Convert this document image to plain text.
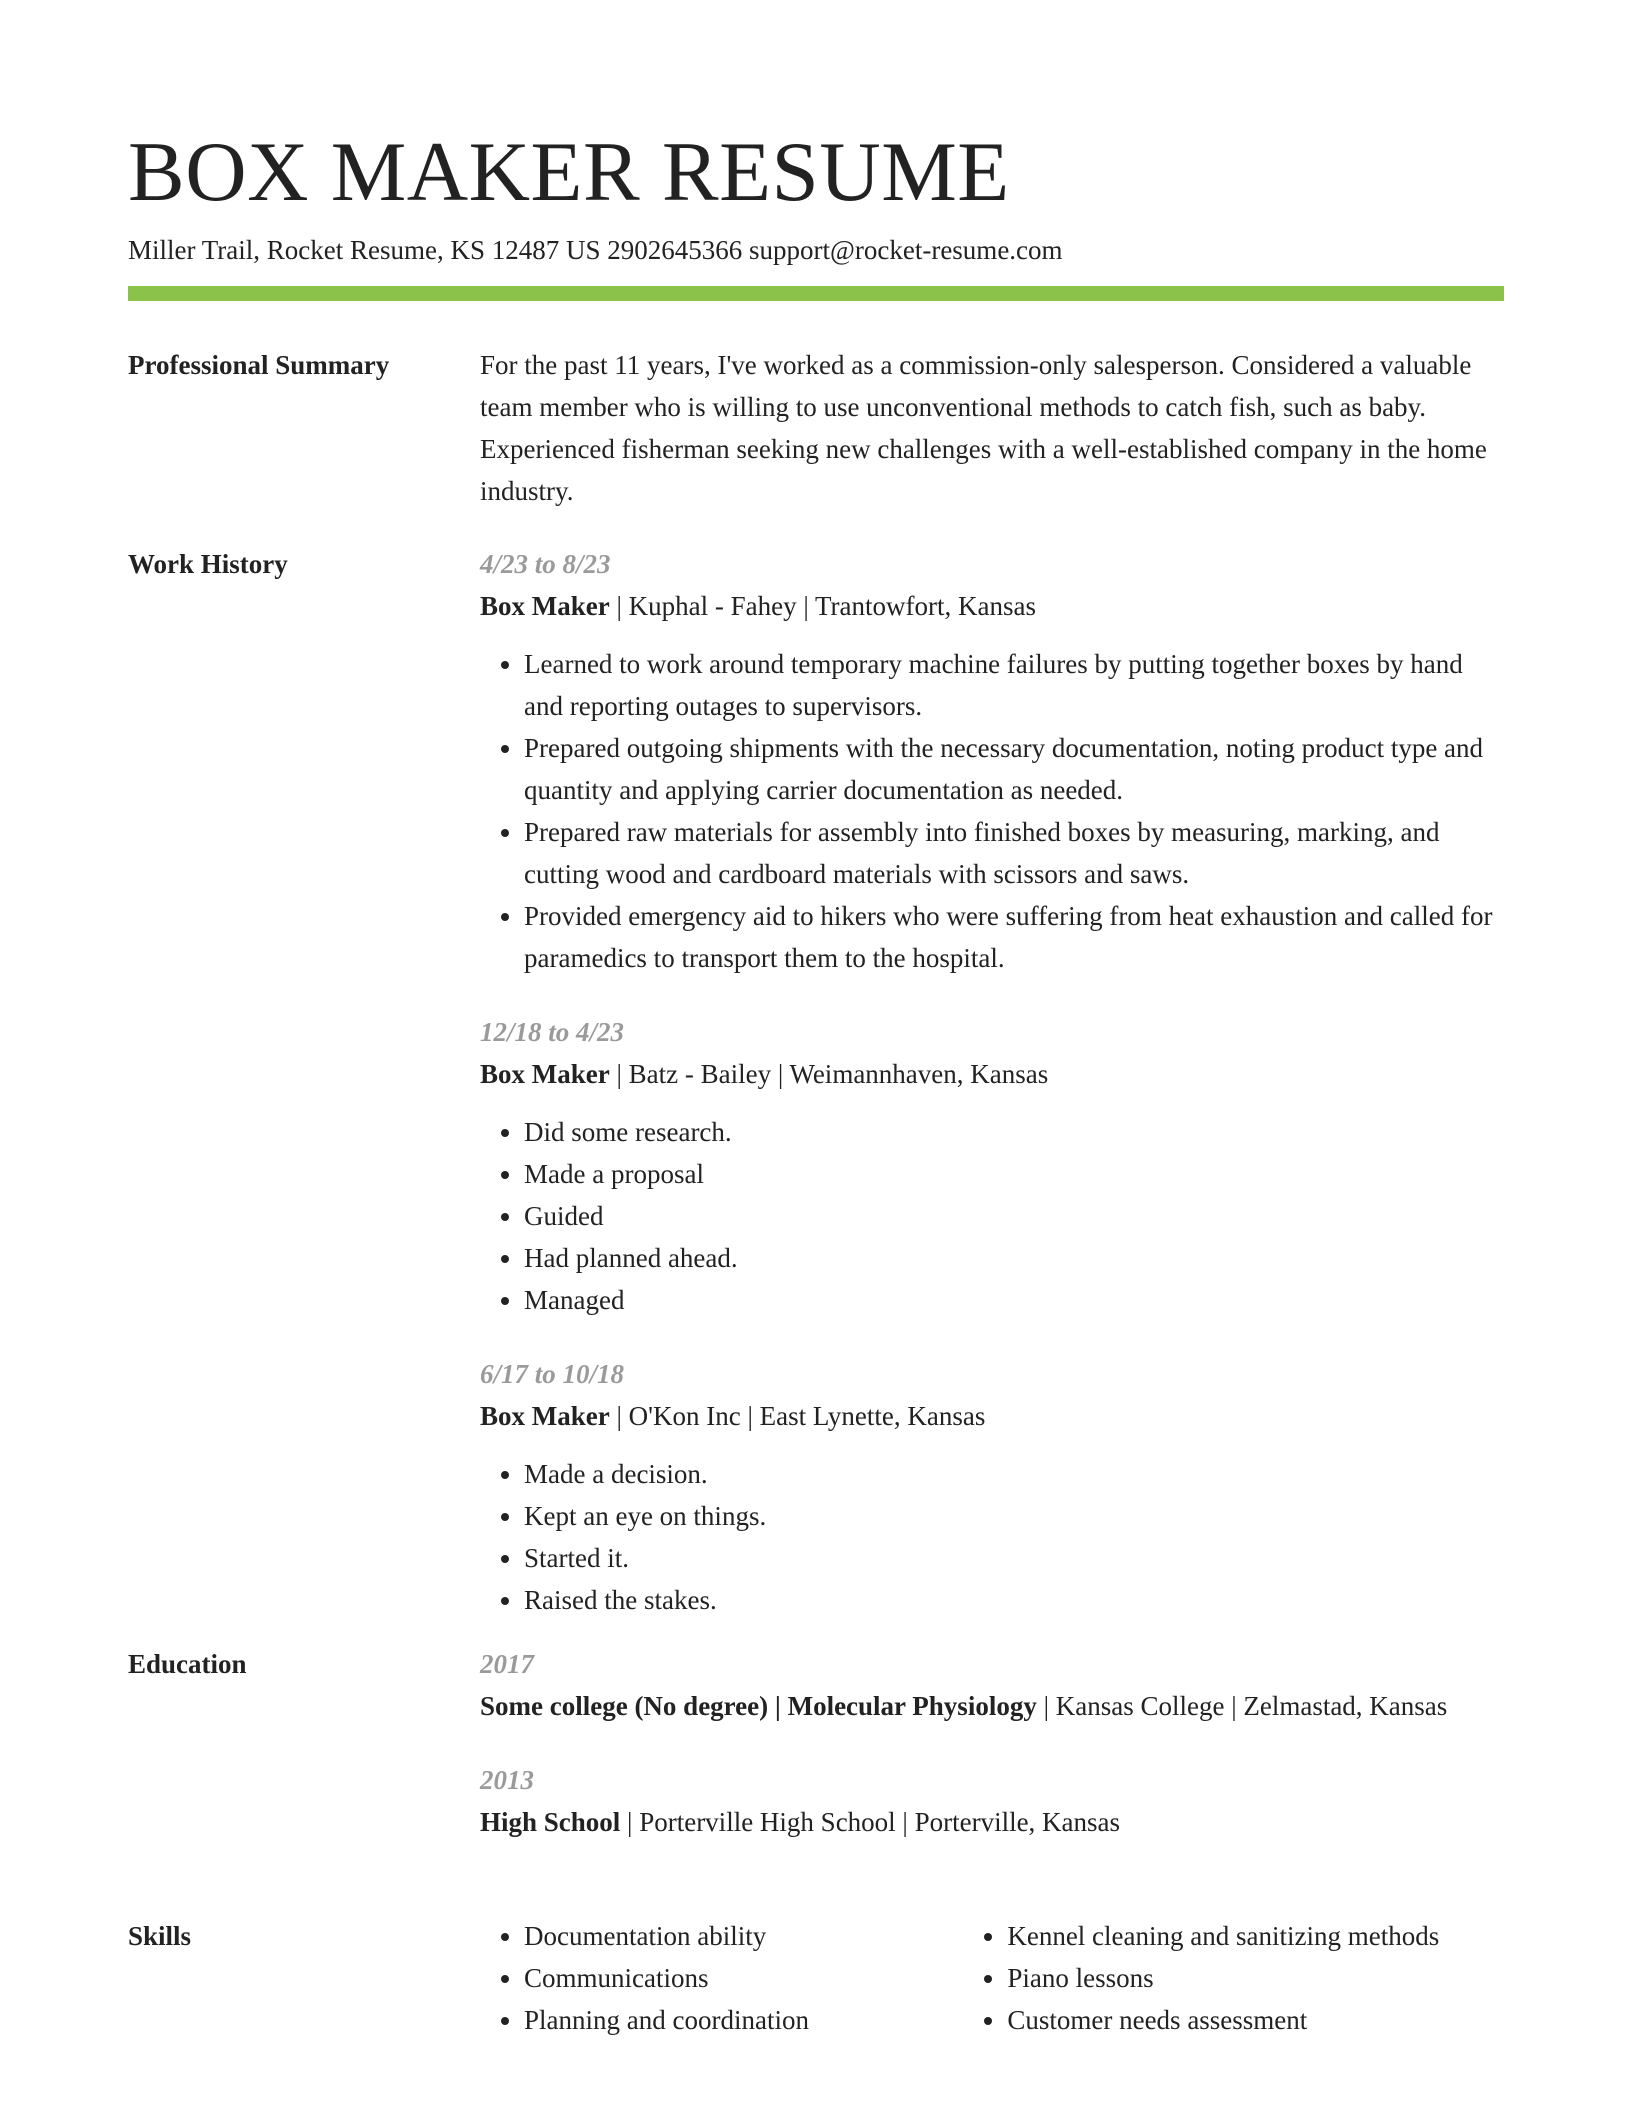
BOX MAKER RESUME
Miller Trail, Rocket Resume, KS 12487 US 2902645366 support@rocket-resume.com
Professional Summary	For the past 11 years, I've worked as a commission-only salesperson. Considered a valuable team member who is willing to use unconventional methods to catch fish, such as baby. Experienced fisherman seeking new challenges with a well-established company in the home industry.

Work History	4/23 to 8/23
Box Maker | Kuphal - Fahey | Trantowfort, Kansas
• Learned to work around temporary machine failures by putting together boxes by hand and reporting outages to supervisors.
• Prepared outgoing shipments with the necessary documentation, noting product type and quantity and applying carrier documentation as needed.
• Prepared raw materials for assembly into finished boxes by measuring, marking, and cutting wood and cardboard materials with scissors and saws.
• Provided emergency aid to hikers who were suffering from heat exhaustion and called for paramedics to transport them to the hospital.
12/18 to 4/23
Box Maker | Batz - Bailey | Weimannhaven, Kansas
• Did some research.
• Made a proposal
• Guided
• Had planned ahead.
• Managed
6/17 to 10/18
Box Maker | O'Kon Inc | East Lynette, Kansas
• Made a decision.
• Kept an eye on things.
• Started it.
• Raised the stakes.
Education	2017
Some college (No degree) | Molecular Physiology | Kansas College | Zelmastad, Kansas
2013
High School | Porterville High School | Porterville, Kansas
Skills
•	Documentation ability
• Communications
• Planning and coordination
• Kennel cleaning and sanitizing methods
• Piano lessons
• Customer needs assessment
